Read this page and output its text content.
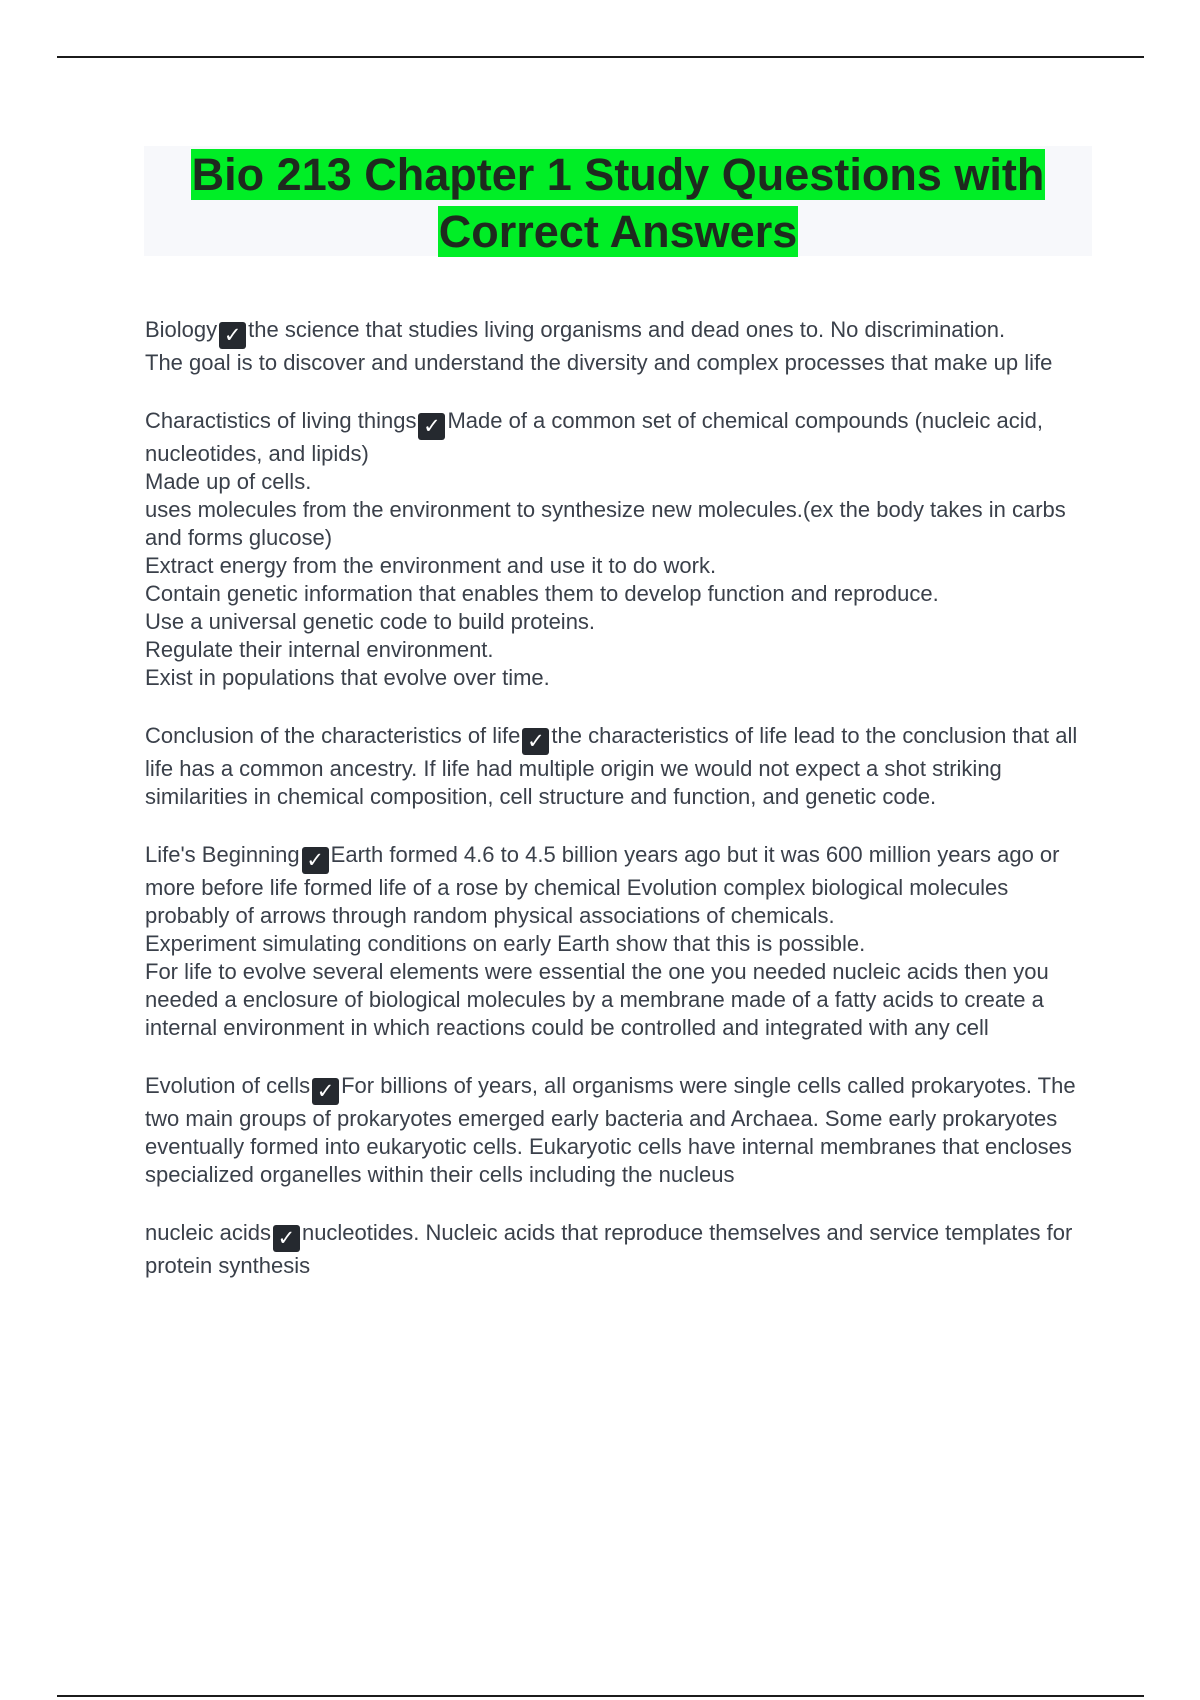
Bio 213 Chapter 1 Study Questions with
Correct Answers
Biology ✓ the science that studies living organisms and dead ones to. No discrimination.
The goal is to discover and understand the diversity and complex processes that make up life
Charactistics of living things ✓ Made of a common set of chemical compounds (nucleic acid, nucleotides, and lipids)
Made up of cells.
uses molecules from the environment to synthesize new molecules.(ex the body takes in carbs and forms glucose)
Extract energy from the environment and use it to do work.
Contain genetic information that enables them to develop function and reproduce.
Use a universal genetic code to build proteins.
Regulate their internal environment.
Exist in populations that evolve over time.
Conclusion of the characteristics of life ✓ the characteristics of life lead to the conclusion that all life has a common ancestry. If life had multiple origin we would not expect a shot striking similarities in chemical composition, cell structure and function, and genetic code.
Life's Beginning ✓ Earth formed 4.6 to 4.5 billion years ago but it was 600 million years ago or more before life formed life of a rose by chemical Evolution complex biological molecules probably of arrows through random physical associations of chemicals.
Experiment simulating conditions on early Earth show that this is possible.
For life to evolve several elements were essential the one you needed nucleic acids then you needed a enclosure of biological molecules by a membrane made of a fatty acids to create a internal environment in which reactions could be controlled and integrated with any cell
Evolution of cells ✓ For billions of years, all organisms were single cells called prokaryotes. The two main groups of prokaryotes emerged early bacteria and Archaea. Some early prokaryotes eventually formed into eukaryotic cells. Eukaryotic cells have internal membranes that encloses specialized organelles within their cells including the nucleus
nucleic acids ✓ nucleotides. Nucleic acids that reproduce themselves and service templates for protein synthesis
